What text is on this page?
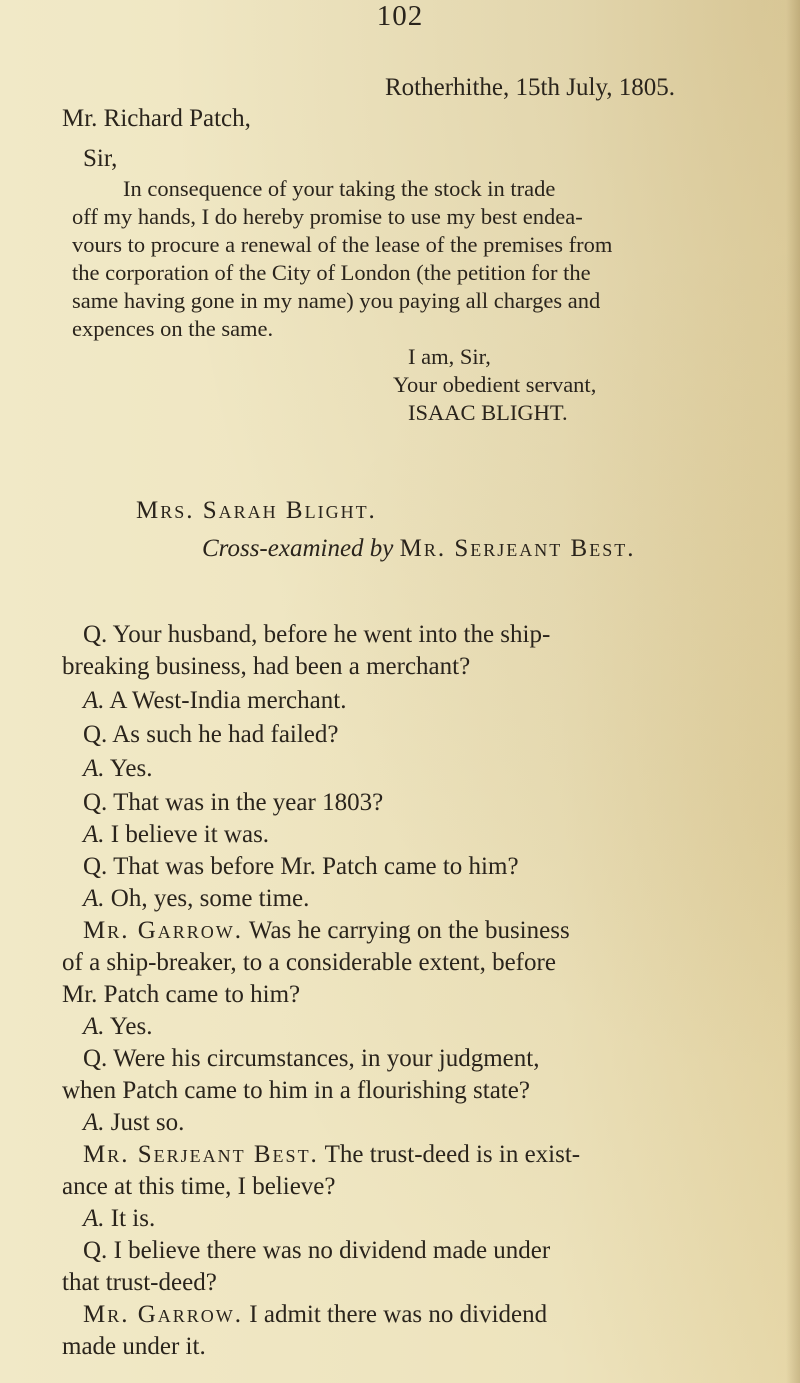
102
Rotherhithe, 15th July, 1805.
Mr. Richard Patch,
Sir,
In consequence of your taking the stock in trade
off my hands, I do hereby promise to use my best endea-
vours to procure a renewal of the lease of the premises from
the corporation of the City of London (the petition for the
same having gone in my name) you paying all charges and
expences on the same.
I am, Sir,
Your obedient servant,
ISAAC BLIGHT.
Mrs. Sarah Blight.
Cross-examined by Mr. Serjeant Best.
Q. Your husband, before he went into the ship-
breaking business, had been a merchant?
A. A West-India merchant.
Q. As such he had failed?
A. Yes.
Q. That was in the year 1803?
A. I believe it was.
Q. That was before Mr. Patch came to him?
A. Oh, yes, some time.
Mr. Garrow. Was he carrying on the business
of a ship-breaker, to a considerable extent, before
Mr. Patch came to him?
A. Yes.
Q. Were his circumstances, in your judgment,
when Patch came to him in a flourishing state?
A. Just so.
Mr. Serjeant Best. The trust-deed is in exist-
ance at this time, I believe?
A. It is.
Q. I believe there was no dividend made under
that trust-deed?
Mr. Garrow. I admit there was no dividend
made under it.
